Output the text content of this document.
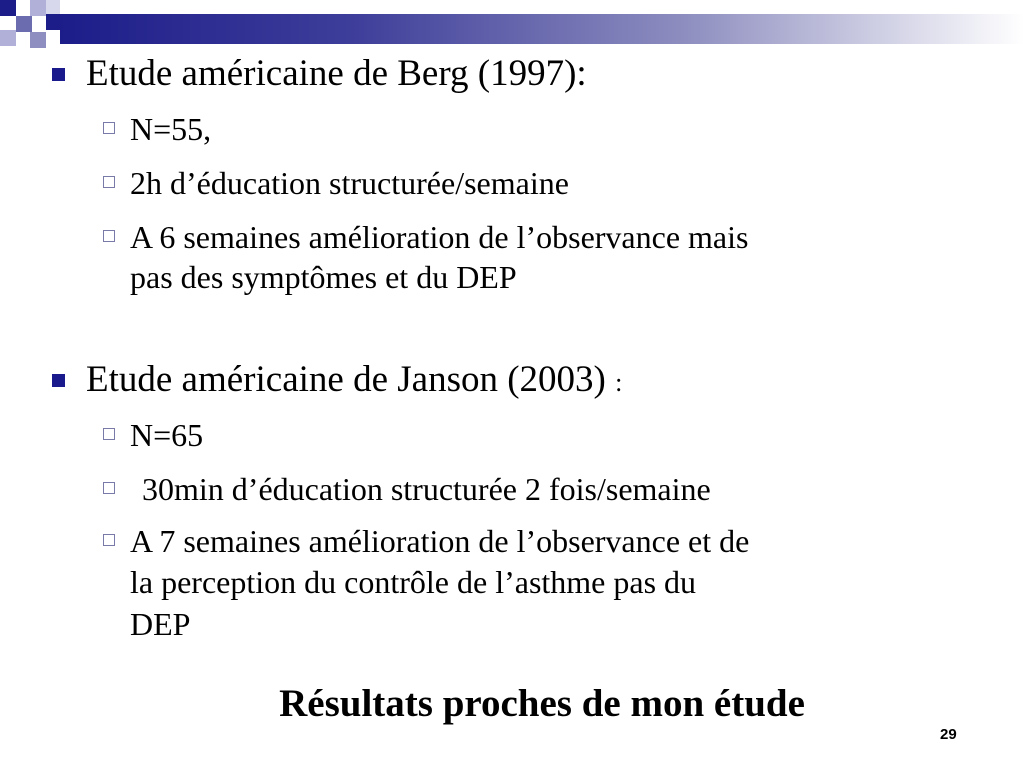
Etude américaine de Berg (1997):
N=55,
2h d’éducation structurée/semaine
A 6 semaines amélioration de l’observance mais
pas des symptômes et du DEP
Etude américaine de Janson (2003) :
N=65
30min d’éducation structurée 2 fois/semaine
A 7 semaines amélioration de l’observance et de
la perception du contrôle de l’asthme pas du
DEP
Résultats proches de mon étude
29
